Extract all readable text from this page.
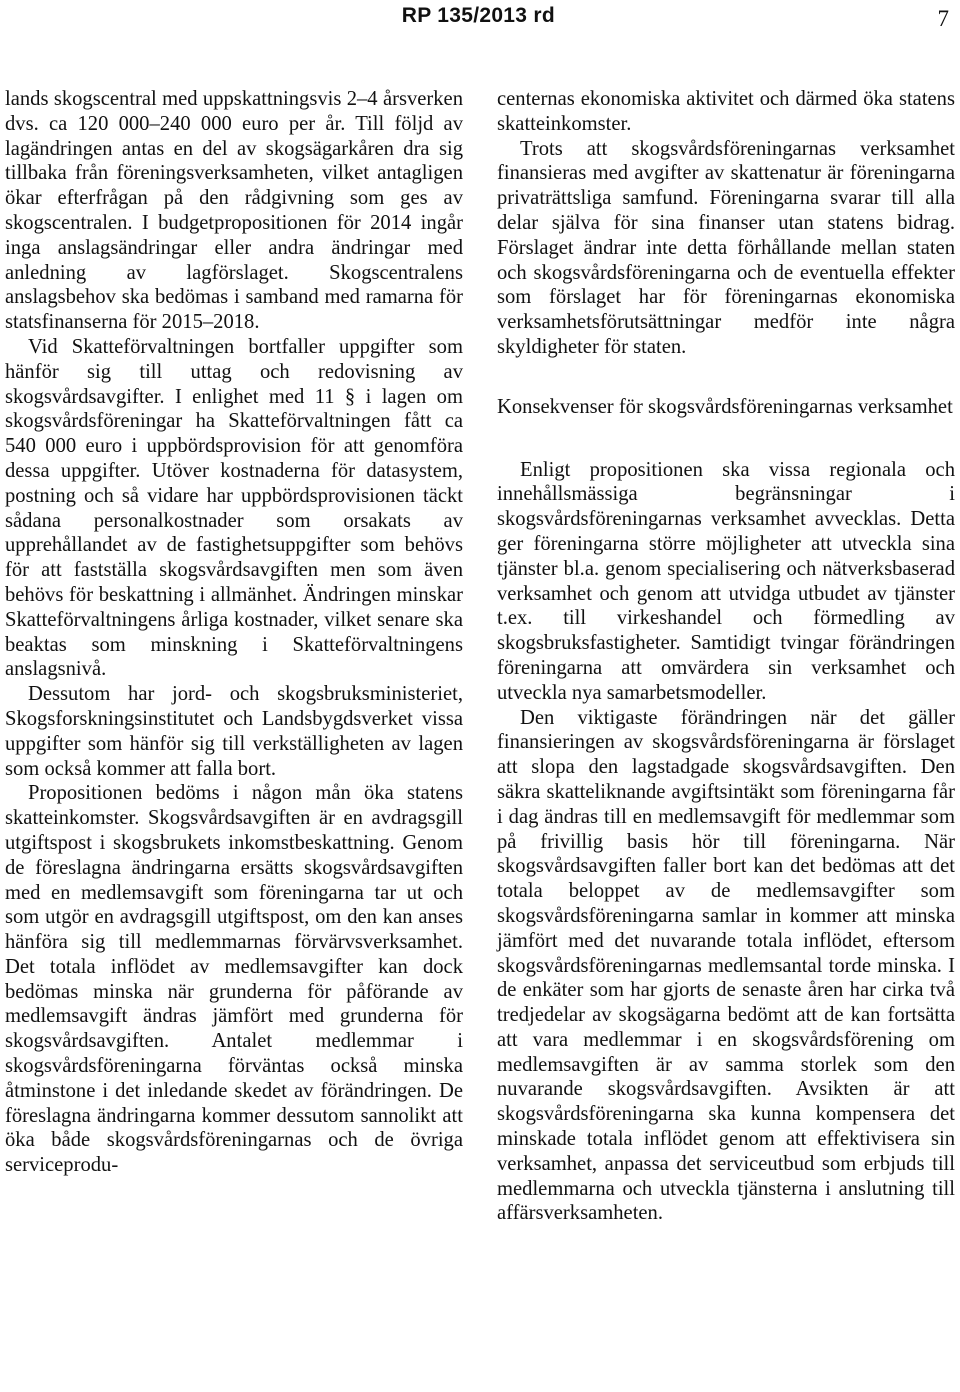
RP 135/2013 rd	7

lands skogscentral med uppskattningsvis 2–4 årsverken dvs. ca 120 000–240 000 euro per år. Till följd av lagändringen antas en del av skogsägarkåren dra sig tillbaka från föreningsverksamheten, vilket antagligen ökar efterfrågan på den rådgivning som ges av skogscentralen. I budgetpropositionen för 2014 ingår inga anslagsändringar eller andra ändringar med anledning av lagförslaget. Skogscentralens anslagsbehov ska bedömas i samband med ramarna för statsfinanserna för 2015–2018.

Vid Skatteförvaltningen bortfaller uppgifter som hänför sig till uttag och redovisning av skogsvårdsavgifter. I enlighet med 11 § i lagen om skogsvårdsföreningar ha Skatteförvaltningen fått ca 540 000 euro i uppbördsprovision för att genomföra dessa uppgifter. Utöver kostnaderna för datasystem, postning och så vidare har uppbördsprovisionen täckt sådana personalkostnader som orsakats av upprehållandet av de fastighetsuppgifter som behövs för att fastställa skogsvårdsavgiften men som även behövs för beskattning i allmänhet. Ändringen minskar Skatteförvaltningens årliga kostnader, vilket senare ska beaktas som minskning i Skatteförvaltningens anslagsnivå.

Dessutom har jord- och skogsbruksministeriet, Skogsforskningsinstitutet och Landsbygdsverket vissa uppgifter som hänför sig till verkställigheten av lagen som också kommer att falla bort.

Propositionen bedöms i någon mån öka statens skatteinkomster. Skogsvårdsavgiften är en avdragsgill utgiftspost i skogsbrukets inkomstbeskattning. Genom de föreslagna ändringarna ersätts skogsvårdsavgiften med en medlemsavgift som föreningarna tar ut och som utgör en avdragsgill utgiftspost, om den kan anses hänföra sig till medlemmarnas förvärvsverksamhet. Det totala inflödet av medlemsavgifter kan dock bedömas minska när grunderna för påförande av medlemsavgift ändras jämfört med grunderna för skogsvårdsavgiften. Antalet medlemmar i skogsvårdsföreningarna förväntas också minska åtminstone i det inledande skedet av förändringen. De föreslagna ändringarna kommer dessutom sannolikt att öka både skogsvårdsföreningarnas och de övriga serviceprodu-

centernas ekonomiska aktivitet och därmed öka statens skatteinkomster.

Trots att skogsvårdsföreningarnas verksamhet finansieras med avgifter av skattenatur är föreningarna privaträttsliga samfund. Föreningarna svarar till alla delar själva för sina finanser utan statens bidrag. Förslaget ändrar inte detta förhållande mellan staten och skogsvårdsföreningarna och de eventuella effekter som förslaget har för föreningarnas ekonomiska verksamhetsförutsättningar medför inte några skyldigheter för staten.

Konsekvenser för skogsvårdsföreningarnas verksamhet

Enligt propositionen ska vissa regionala och innehållsmässiga begränsningar i skogsvårdsföreningarnas verksamhet avvecklas. Detta ger föreningarna större möjligheter att utveckla sina tjänster bl.a. genom specialisering och nätverksbaserad verksamhet och genom att utvidga utbudet av tjänster t.ex. till virkeshandel och förmedling av skogsbruksfastigheter. Samtidigt tvingar förändringen föreningarna att omvärdera sin verksamhet och utveckla nya samarbetsmodeller.

Den viktigaste förändringen när det gäller finansieringen av skogsvårdsföreningarna är förslaget att slopa den lagstadgade skogsvårdsavgiften. Den säkra skatteliknande avgiftsintäkt som föreningarna får i dag ändras till en medlemsavgift för medlemmar som på frivillig basis hör till föreningarna. När skogsvårdsavgiften faller bort kan det bedömas att det totala beloppet av de medlemsavgifter som skogsvårdsföreningarna samlar in kommer att minska jämfört med det nuvarande totala inflödet, eftersom skogsvårdsföreningarnas medlemsantal torde minska. I de enkäter som har gjorts de senaste åren har cirka två tredjedelar av skogsägarna bedömt att de kan fortsätta att vara medlemmar i en skogsvårdsförening om medlemsavgiften är av samma storlek som den nuvarande skogsvårdsavgiften. Avsikten är att skogsvårdsföreningarna ska kunna kompensera det minskade totala inflödet genom att effektivisera sin verksamhet, anpassa det serviceutbud som erbjuds till medlemmarna och utveckla tjänsterna i anslutning till affärsverksamheten.
